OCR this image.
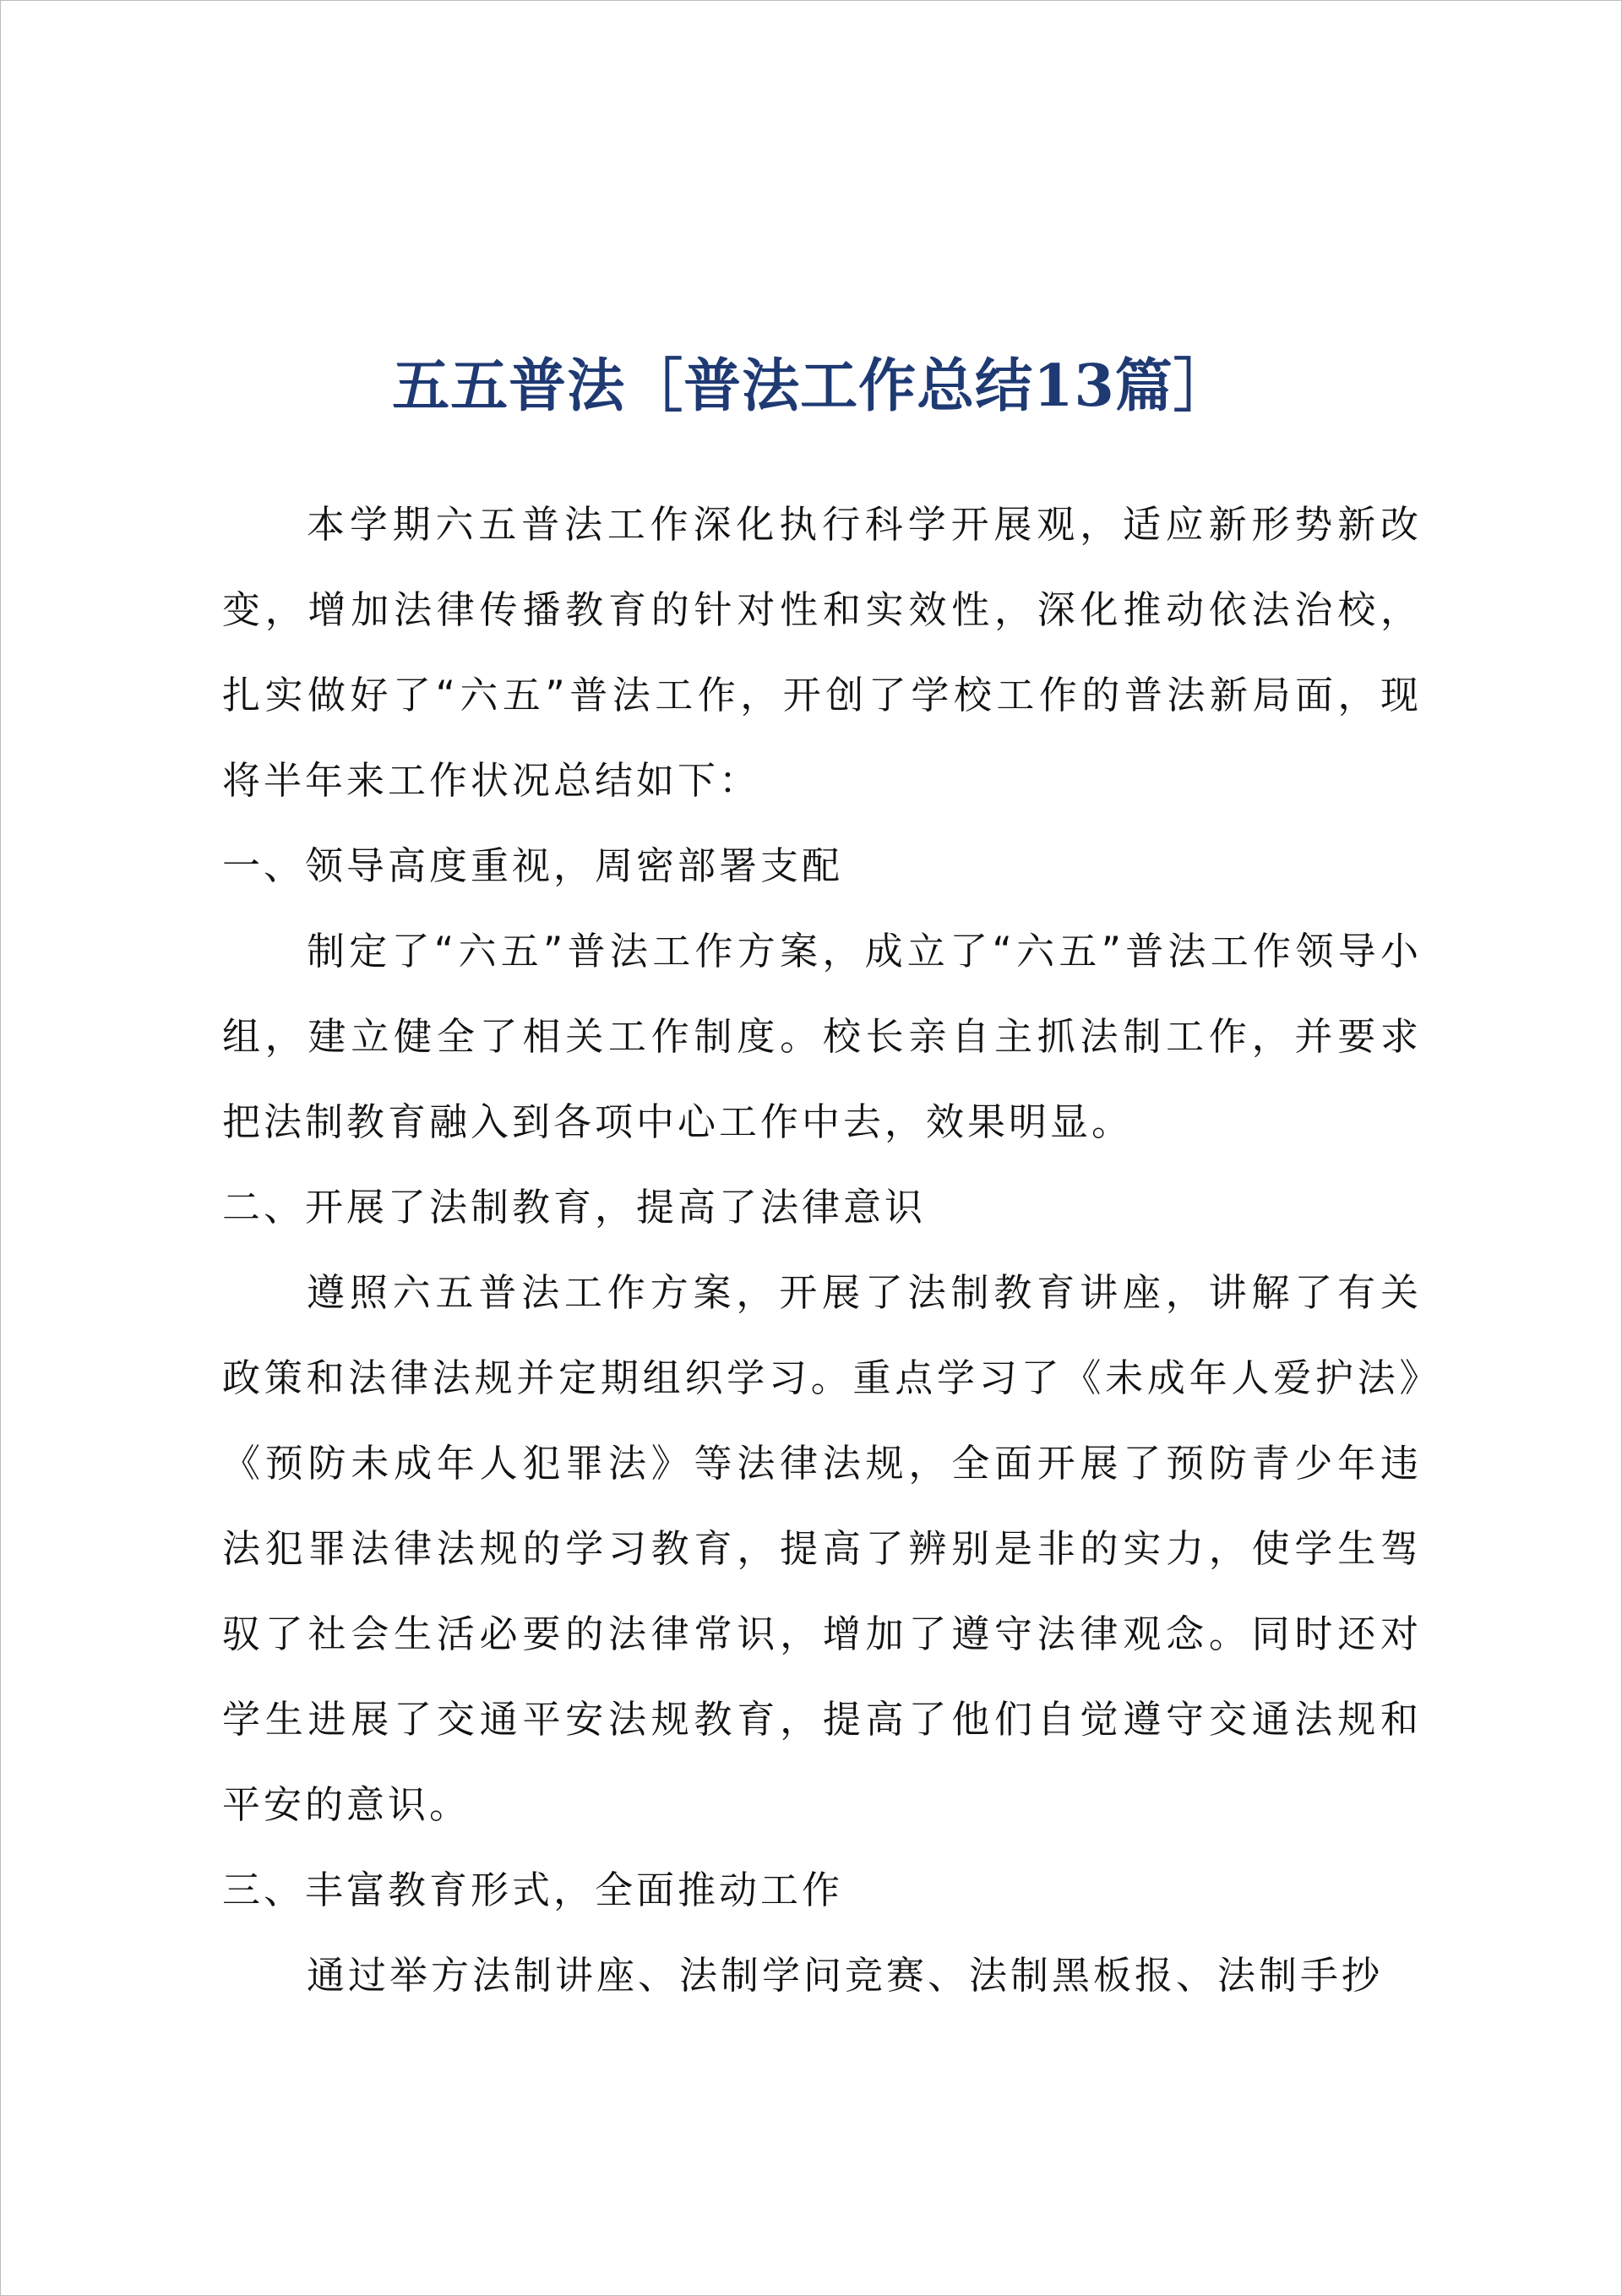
五五普法［普法工作总结13篇］

本学期六五普法工作深化执行科学开展观，适应新形势新改变，增加法律传播教育的针对性和实效性，深化推动依法治校，扎实做好了“六五”普法工作，开创了学校工作的普法新局面，现将半年来工作状况总结如下：

一、领导高度重视，周密部署支配

制定了“六五”普法工作方案，成立了“六五”普法工作领导小组，建立健全了相关工作制度。校长亲自主抓法制工作，并要求把法制教育融入到各项中心工作中去，效果明显。

二、开展了法制教育，提高了法律意识

遵照六五普法工作方案，开展了法制教育讲座，讲解了有关政策和法律法规并定期组织学习。重点学习了《未成年人爱护法》《预防未成年人犯罪法》等法律法规，全面开展了预防青少年违法犯罪法律法规的学习教育，提高了辨别是非的实力，使学生驾驭了社会生活必要的法律常识，增加了遵守法律观念。同时还对学生进展了交通平安法规教育，提高了他们自觉遵守交通法规和平安的意识。

三、丰富教育形式，全面推动工作

通过举方法制讲座、法制学问竞赛、法制黑板报、法制手抄
